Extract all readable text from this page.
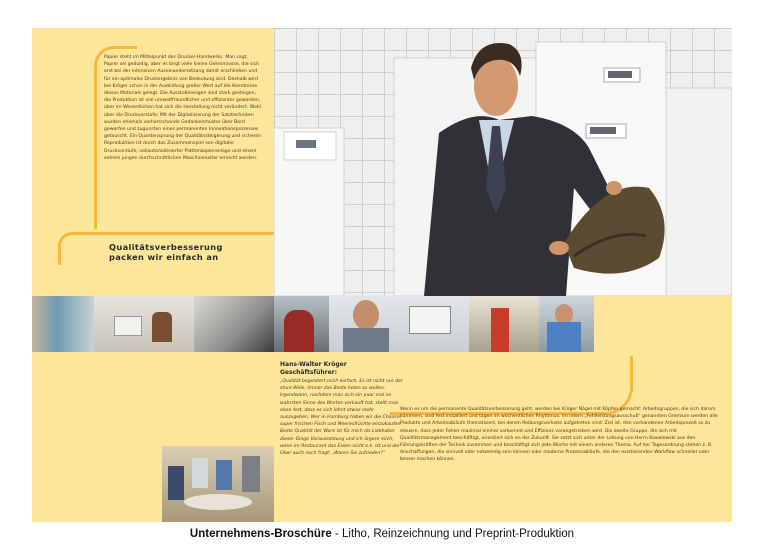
Papier steht im Mittelpunkt des Drucker-Handwerks. Man sagt, Papier sei geduldig, aber es birgt viele kleine Geheimnisse, die sich erst bei der intensiven Auseinandersetzung damit erschließen und für ein optimales Druckergebnis von Bedeutung sind. Deshalb wird bei Kröger schon in der Ausbildung großer Wert auf die Kenntnisse dieses Materials gelegt. Die Ausstoßmengen sind stark gestiegen, die Produktion ist viel umweltfreundlicher und effizienter geworden, aber im Wesentlichen hat sich die Herstellung nicht verändert. Wohl aber die Druckvorstufe: Mit der Digitalisierung der Satztechniken wurden ehemals vorherrschende Gedankenmuster über Bord geworfen und zugunsten eines permanenten Innovationsprozesses getauscht. Ein Quantensprung der Qualitätssteigerung und sicheren Reproduktion ist durch das Zusammenspiel von digitaler Druckvorstufe, vollautomatisierter Plattenkopieranlage und einem extrem jungen durchschnittlichen Maschinenalter erreicht worden.
Qualitätsverbesserung
packen wir einfach an
Hans-Walter Kröger
Geschäftsführer:
„Qualität begeistert mich einfach. Es ist nicht nur der sture Wille, Immer das Beste holen zu wollen. Irgendwann, nachdem man sich ein paar mal im wahrsten Sinne des Wortes verkauft hat, stellt man eben fest, dass es sich lohnt etwas mehr auszugeben. Wer in Hamburg haben wir die Chance, super frischen Fisch und Meeresfrüchte einzukaufen. Beste Qualität der Ware ist für mich als Liebhaber dieser Dinge Voraussetzung und ich ärgere mich, wenn im Restaurant das Essen nicht o.k. ist und der Ober auch noch fragt: „Waren Sie zufrieden?“
Wenn es um die permanente Qualitätsverbesserung geht, werden bei Kröger Nägel mit Köpfen gemacht: Arbeitsgruppen, die sich darum kümmern, sind fest installiert und tagen im wöchentlichen Rhythmus. Im intern „Fehlleistungsausschuß“ genannten Gremium werden alle Produkte und Arbeitsabläufe thematisiert, bei denen Reibungsverluste aufgetreten sind: Ziel ist, den vorhandenen Arbeitsprozeß so zu steuern, dass jeder Fehler maximal einmal vorkommt und Effizienz vorangetrieben wird. Die zweite Gruppe, die sich mit Qualitätsmanagement beschäftigt, orientiert sich an der Zukunft. Sie setzt sich unter der Leitung von Herrn Kowalewski aus den Führungskräften der Technik zusammen und beschäftigt sich jede Woche mit einem anderen Thema. Auf der Tagesordnung stehen z. B. Anschaffungen, die sinnvoll oder notwendig sein können oder moderne Prozessabläufe, die den existierenden Workflow schneller oder besser machen können.
Unternehmens-Broschüre - Litho, Reinzeichnung und Preprint-Produktion
